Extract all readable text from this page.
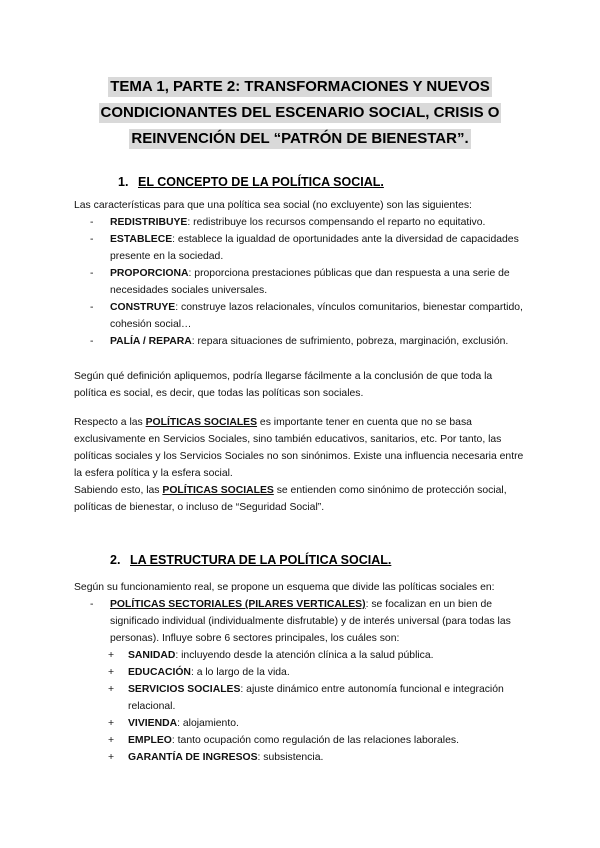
TEMA 1, PARTE 2: TRANSFORMACIONES Y NUEVOS
CONDICIONANTES DEL ESCENARIO SOCIAL, CRISIS O
REINVENCIÓN DEL “PATRÓN DE BIENESTAR”.
1. EL CONCEPTO DE LA POLÍTICA SOCIAL.
Las características para que una política sea social (no excluyente) son las siguientes:
- REDISTRIBUYE: redistribuye los recursos compensando el reparto no equitativo.
- ESTABLECE: establece la igualdad de oportunidades ante la diversidad de capacidades presente en la sociedad.
- PROPORCIONA: proporciona prestaciones públicas que dan respuesta a una serie de necesidades sociales universales.
- CONSTRUYE: construye lazos relacionales, vínculos comunitarios, bienestar compartido, cohesión social…
- PALÍA / REPARA: repara situaciones de sufrimiento, pobreza, marginación, exclusión.
Según qué definición apliquemos, podría llegarse fácilmente a la conclusión de que toda la política es social, es decir, que todas las políticas son sociales.
Respecto a las POLÍTICAS SOCIALES es importante tener en cuenta que no se basa exclusivamente en Servicios Sociales, sino también educativos, sanitarios, etc. Por tanto, las políticas sociales y los Servicios Sociales no son sinónimos. Existe una influencia necesaria entre la esfera política y la esfera social.
Sabiendo esto, las POLÍTICAS SOCIALES se entienden como sinónimo de protección social, políticas de bienestar, o incluso de “Seguridad Social”.
2. LA ESTRUCTURA DE LA POLÍTICA SOCIAL.
Según su funcionamiento real, se propone un esquema que divide las políticas sociales en:
- POLÍTICAS SECTORIALES (PILARES VERTICALES): se focalizan en un bien de significado individual (individualmente disfrutable) y de interés universal (para todas las personas). Influye sobre 6 sectores principales, los cuáles son:
+ SANIDAD: incluyendo desde la atención clínica a la salud pública.
+ EDUCACIÓN: a lo largo de la vida.
+ SERVICIOS SOCIALES: ajuste dinámico entre autonomía funcional e integración relacional.
+ VIVIENDA: alojamiento.
+ EMPLEO: tanto ocupación como regulación de las relaciones laborales.
+ GARANTÍA DE INGRESOS: subsistencia.
